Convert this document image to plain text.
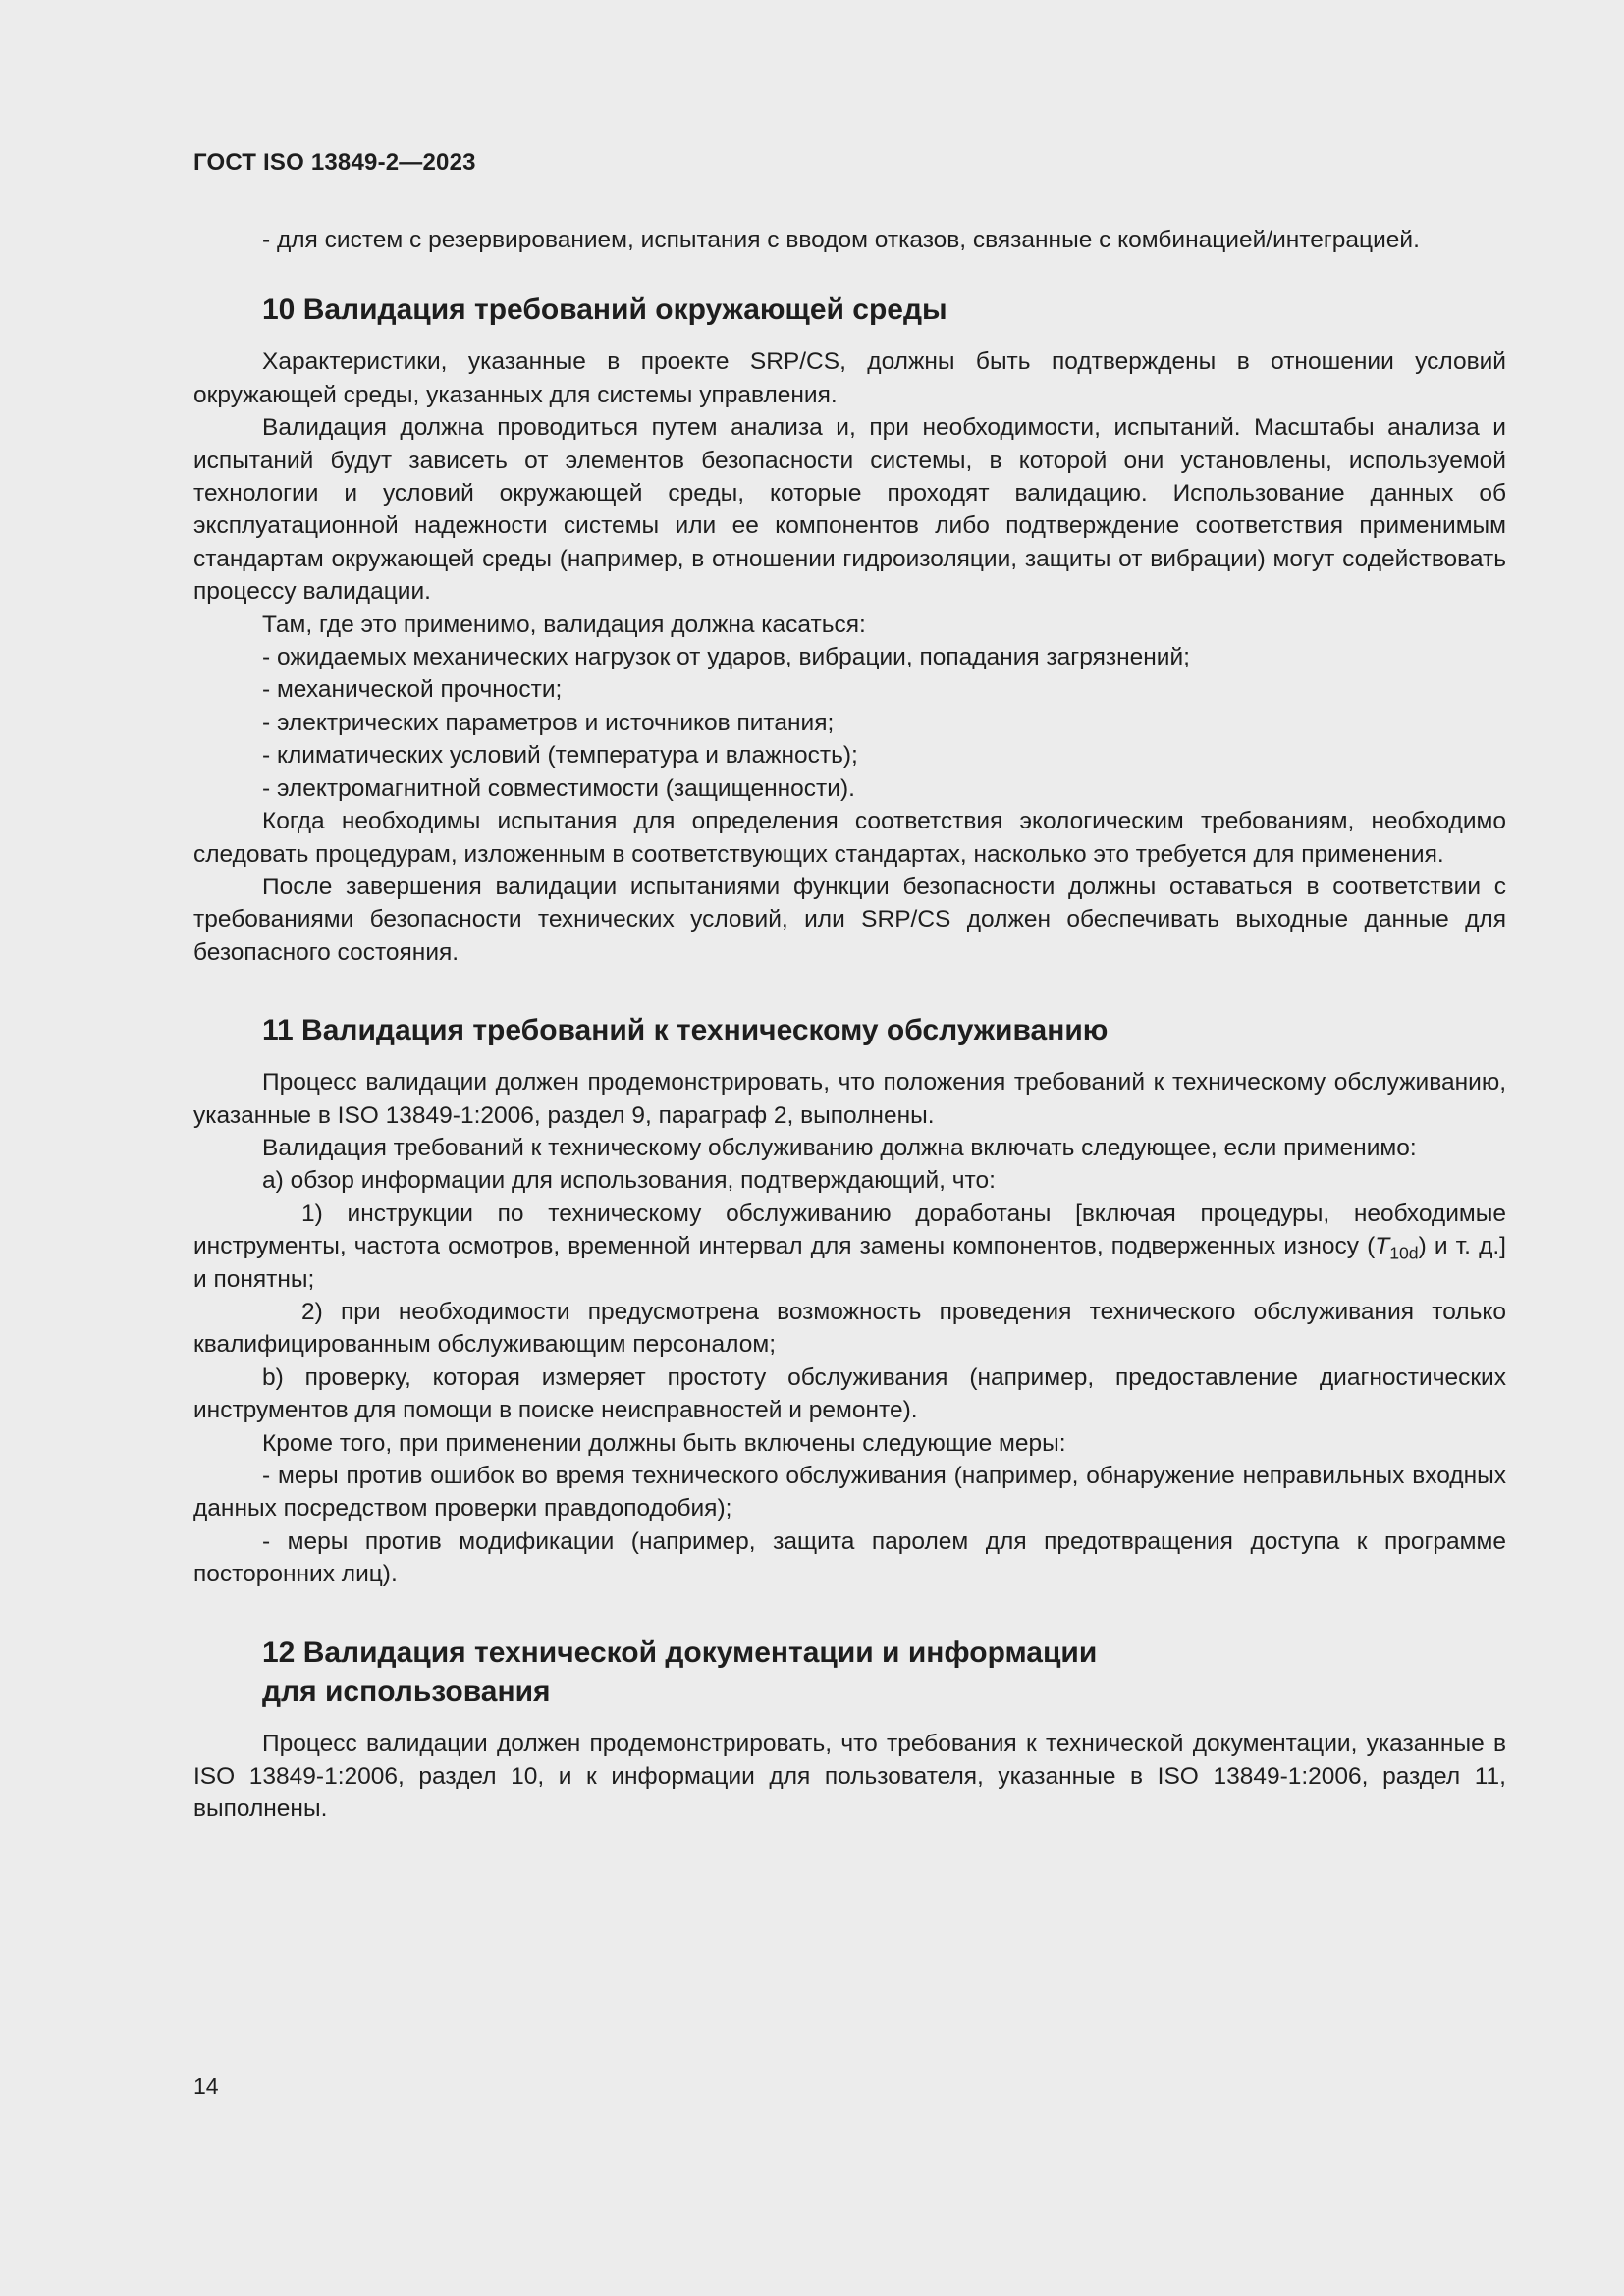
ГОСТ ISO 13849-2—2023

- для систем с резервированием, испытания с вводом отказов, связанные с комбинацией/интеграцией.

10 Валидация требований окружающей среды

Характеристики, указанные в проекте SRP/CS, должны быть подтверждены в отношении условий окружающей среды, указанных для системы управления.

Валидация должна проводиться путем анализа и, при необходимости, испытаний. Масштабы анализа и испытаний будут зависеть от элементов безопасности системы, в которой они установлены, используемой технологии и условий окружающей среды, которые проходят валидацию. Использование данных об эксплуатационной надежности системы или ее компонентов либо подтверждение соответствия применимым стандартам окружающей среды (например, в отношении гидроизоляции, защиты от вибрации) могут содействовать процессу валидации.

Там, где это применимо, валидация должна касаться:

- ожидаемых механических нагрузок от ударов, вибрации, попадания загрязнений;

- механической прочности;

- электрических параметров и источников питания;

- климатических условий (температура и влажность);

- электромагнитной совместимости (защищенности).

Когда необходимы испытания для определения соответствия экологическим требованиям, необходимо следовать процедурам, изложенным в соответствующих стандартах, насколько это требуется для применения.

После завершения валидации испытаниями функции безопасности должны оставаться в соответствии с требованиями безопасности технических условий, или SRP/CS должен обеспечивать выходные данные для безопасного состояния.

11 Валидация требований к техническому обслуживанию

Процесс валидации должен продемонстрировать, что положения требований к техническому обслуживанию, указанные в ISO 13849-1:2006, раздел 9, параграф 2, выполнены.

Валидация требований к техническому обслуживанию должна включать следующее, если применимо:

a) обзор информации для использования, подтверждающий, что:

1) инструкции по техническому обслуживанию доработаны [включая процедуры, необходимые инструменты, частота осмотров, временной интервал для замены компонентов, подверженных износу $(T_{10d})$ и т. д.] и понятны;

2) при необходимости предусмотрена возможность проведения технического обслуживания только квалифицированным обслуживающим персоналом;

b) проверку, которая измеряет простоту обслуживания (например, предоставление диагностических инструментов для помощи в поиске неисправностей и ремонте).

Кроме того, при применении должны быть включены следующие меры:

- меры против ошибок во время технического обслуживания (например, обнаружение неправильных входных данных посредством проверки правдоподобия);

- меры против модификации (например, защита паролем для предотвращения доступа к программе посторонних лиц).

12 Валидация технической документации и информации
для использования

Процесс валидации должен продемонстрировать, что требования к технической документации, указанные в ISO 13849-1:2006, раздел 10, и к информации для пользователя, указанные в ISO 13849-1:2006, раздел 11, выполнены.

14
